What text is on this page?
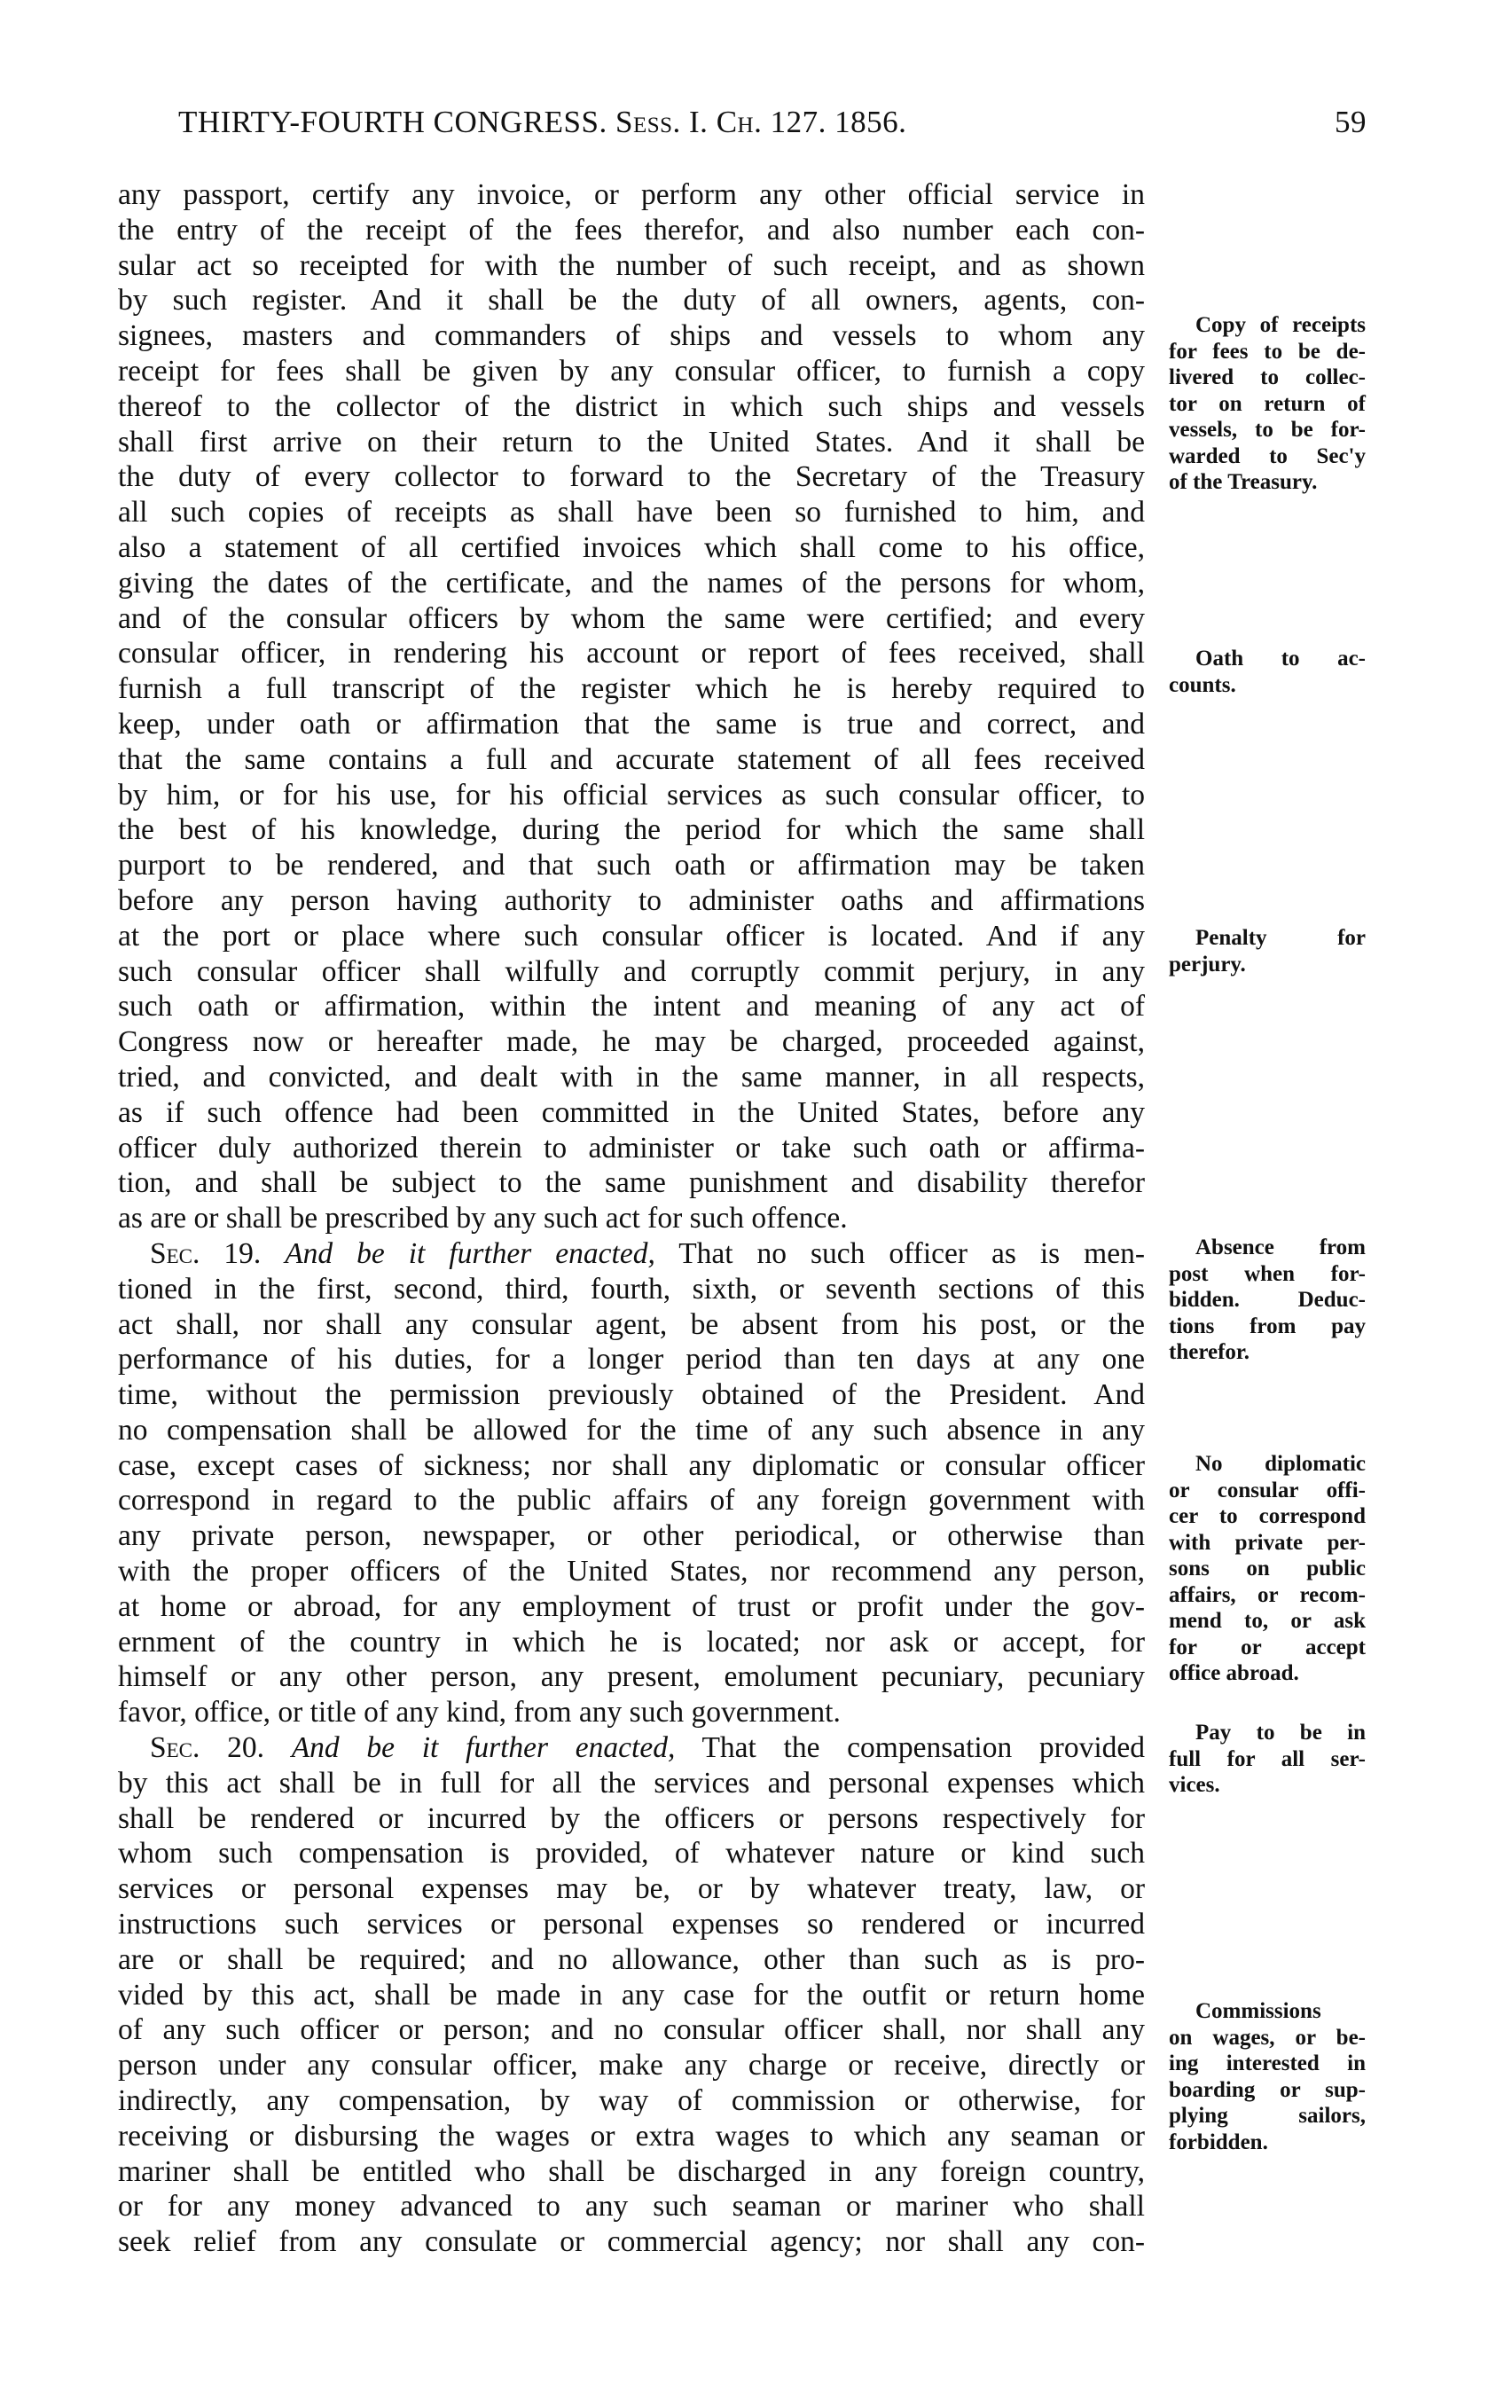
THIRTY-FOURTH CONGRESS. Sess. I. Ch. 127. 1856.	59
any passport, certify any invoice, or perform any other official service in
the entry of the receipt of the fees therefor, and also number each con-
sular act so receipted for with the number of such receipt, and as shown
by such register. And it shall be the duty of all owners, agents, con-
signees, masters and commanders of ships and vessels to whom any
receipt for fees shall be given by any consular officer, to furnish a copy
thereof to the collector of the district in which such ships and vessels
shall first arrive on their return to the United States. And it shall be
the duty of every collector to forward to the Secretary of the Treasury
all such copies of receipts as shall have been so furnished to him, and
also a statement of all certified invoices which shall come to his office,
giving the dates of the certificate, and the names of the persons for whom,
and of the consular officers by whom the same were certified; and every
consular officer, in rendering his account or report of fees received, shall
furnish a full transcript of the register which he is hereby required to
keep, under oath or affirmation that the same is true and correct, and
that the same contains a full and accurate statement of all fees received
by him, or for his use, for his official services as such consular officer, to
the best of his knowledge, during the period for which the same shall
purport to be rendered, and that such oath or affirmation may be taken
before any person having authority to administer oaths and affirmations
at the port or place where such consular officer is located. And if any
such consular officer shall wilfully and corruptly commit perjury, in any
such oath or affirmation, within the intent and meaning of any act of
Congress now or hereafter made, he may be charged, proceeded against,
tried, and convicted, and dealt with in the same manner, in all respects,
as if such offence had been committed in the United States, before any
officer duly authorized therein to administer or take such oath or affirma-
tion, and shall be subject to the same punishment and disability therefor
as are or shall be prescribed by any such act for such offence.
Sec. 19. And be it further enacted, That no such officer as is men-
tioned in the first, second, third, fourth, sixth, or seventh sections of this
act shall, nor shall any consular agent, be absent from his post, or the
performance of his duties, for a longer period than ten days at any one
time, without the permission previously obtained of the President. And
no compensation shall be allowed for the time of any such absence in any
case, except cases of sickness; nor shall any diplomatic or consular officer
correspond in regard to the public affairs of any foreign government with
any private person, newspaper, or other periodical, or otherwise than
with the proper officers of the United States, nor recommend any person,
at home or abroad, for any employment of trust or profit under the gov-
ernment of the country in which he is located; nor ask or accept, for
himself or any other person, any present, emolument pecuniary, pecuniary
favor, office, or title of any kind, from any such government.
Sec. 20. And be it further enacted, That the compensation provided
by this act shall be in full for all the services and personal expenses which
shall be rendered or incurred by the officers or persons respectively for
whom such compensation is provided, of whatever nature or kind such
services or personal expenses may be, or by whatever treaty, law, or
instructions such services or personal expenses so rendered or incurred
are or shall be required; and no allowance, other than such as is pro-
vided by this act, shall be made in any case for the outfit or return home
of any such officer or person; and no consular officer shall, nor shall any
person under any consular officer, make any charge or receive, directly or
indirectly, any compensation, by way of commission or otherwise, for
receiving or disbursing the wages or extra wages to which any seaman or
mariner shall be entitled who shall be discharged in any foreign country,
or for any money advanced to any such seaman or mariner who shall
seek relief from any consulate or commercial agency; nor shall any con-
Copy of receipts
for fees to be de-
livered to collec-
tor on return of
vessels, to be for-
warded to Sec'y
of the Treasury.
Oath to ac-
counts.
Penalty for
perjury.
Absence from
post when for-
bidden. Deduc-
tions from pay
therefor.
No diplomatic
or consular offi-
cer to correspond
with private per-
sons on public
affairs, or recom-
mend to, or ask
for or accept
office abroad.
Pay to be in
full for all ser-
vices.
Commissions
on wages, or be-
ing interested in
boarding or sup-
plying sailors,
forbidden.
